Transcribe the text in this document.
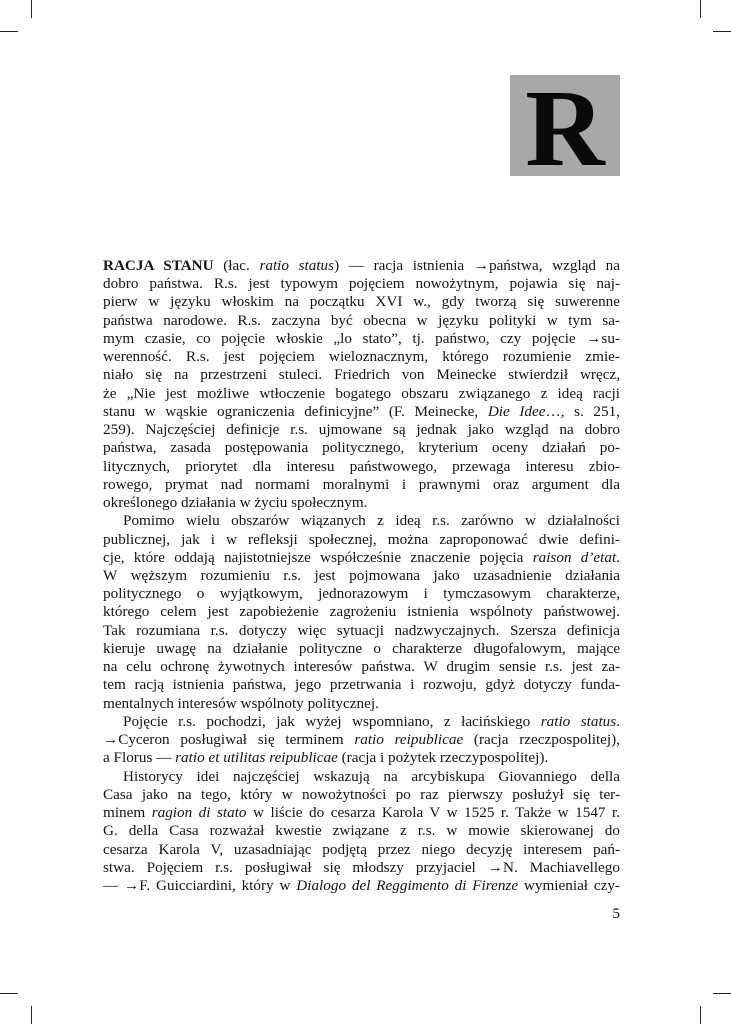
R
RACJA STANU (łac. ratio status) — racja istnienia →państwa, wzgląd na
dobro państwa. R.s. jest typowym pojęciem nowożytnym, pojawia się naj-
pierw w języku włoskim na początku XVI w., gdy tworzą się suwerenne
państwa narodowe. R.s. zaczyna być obecna w języku polityki w tym sa-
mym czasie, co pojęcie włoskie „lo stato”, tj. państwo, czy pojęcie →su-
werenność. R.s. jest pojęciem wieloznacznym, którego rozumienie zmie-
niało się na przestrzeni stuleci. Friedrich von Meinecke stwierdził wręcz,
że „Nie jest możliwe wtłoczenie bogatego obszaru związanego z ideą racji
stanu w wąskie ograniczenia definicyjne” (F. Meinecke, Die Idee…, s. 251,
259). Najczęściej definicje r.s. ujmowane są jednak jako wzgląd na dobro
państwa, zasada postępowania politycznego, kryterium oceny działań po-
litycznych, priorytet dla interesu państwowego, przewaga interesu zbio-
rowego, prymat nad normami moralnymi i prawnymi oraz argument dla
określonego działania w życiu społecznym.
Pomimo wielu obszarów wiązanych z ideą r.s. zarówno w działalności
publicznej, jak i w refleksji społecznej, można zaproponować dwie defini-
cje, które oddają najistotniejsze współcześnie znaczenie pojęcia raison d’etat.
W węższym rozumieniu r.s. jest pojmowana jako uzasadnienie działania
politycznego o wyjątkowym, jednorazowym i tymczasowym charakterze,
którego celem jest zapobieżenie zagrożeniu istnienia wspólnoty państwowej.
Tak rozumiana r.s. dotyczy więc sytuacji nadzwyczajnych. Szersza definicja
kieruje uwagę na działanie polityczne o charakterze długofalowym, mające
na celu ochronę żywotnych interesów państwa. W drugim sensie r.s. jest za-
tem racją istnienia państwa, jego przetrwania i rozwoju, gdyż dotyczy funda-
mentalnych interesów wspólnoty politycznej.
Pojęcie r.s. pochodzi, jak wyżej wspomniano, z łacińskiego ratio status.
→Cyceron posługiwał się terminem ratio reipublicae (racja rzeczpospolitej),
a Florus — ratio et utilitas reipublicae (racja i pożytek rzeczypospolitej).
Historycy idei najczęściej wskazują na arcybiskupa Giovanniego della
Casa jako na tego, który w nowożytności po raz pierwszy posłużył się ter-
minem ragion di stato w liście do cesarza Karola V w 1525 r. Także w 1547 r.
G. della Casa rozważał kwestie związane z r.s. w mowie skierowanej do
cesarza Karola V, uzasadniając podjętą przez niego decyzję interesem pań-
stwa. Pojęciem r.s. posługiwał się młodszy przyjaciel →N. Machiavellego
— →F. Guicciardini, który w Dialogo del Reggimento di Firenze wymieniał czy-
5
